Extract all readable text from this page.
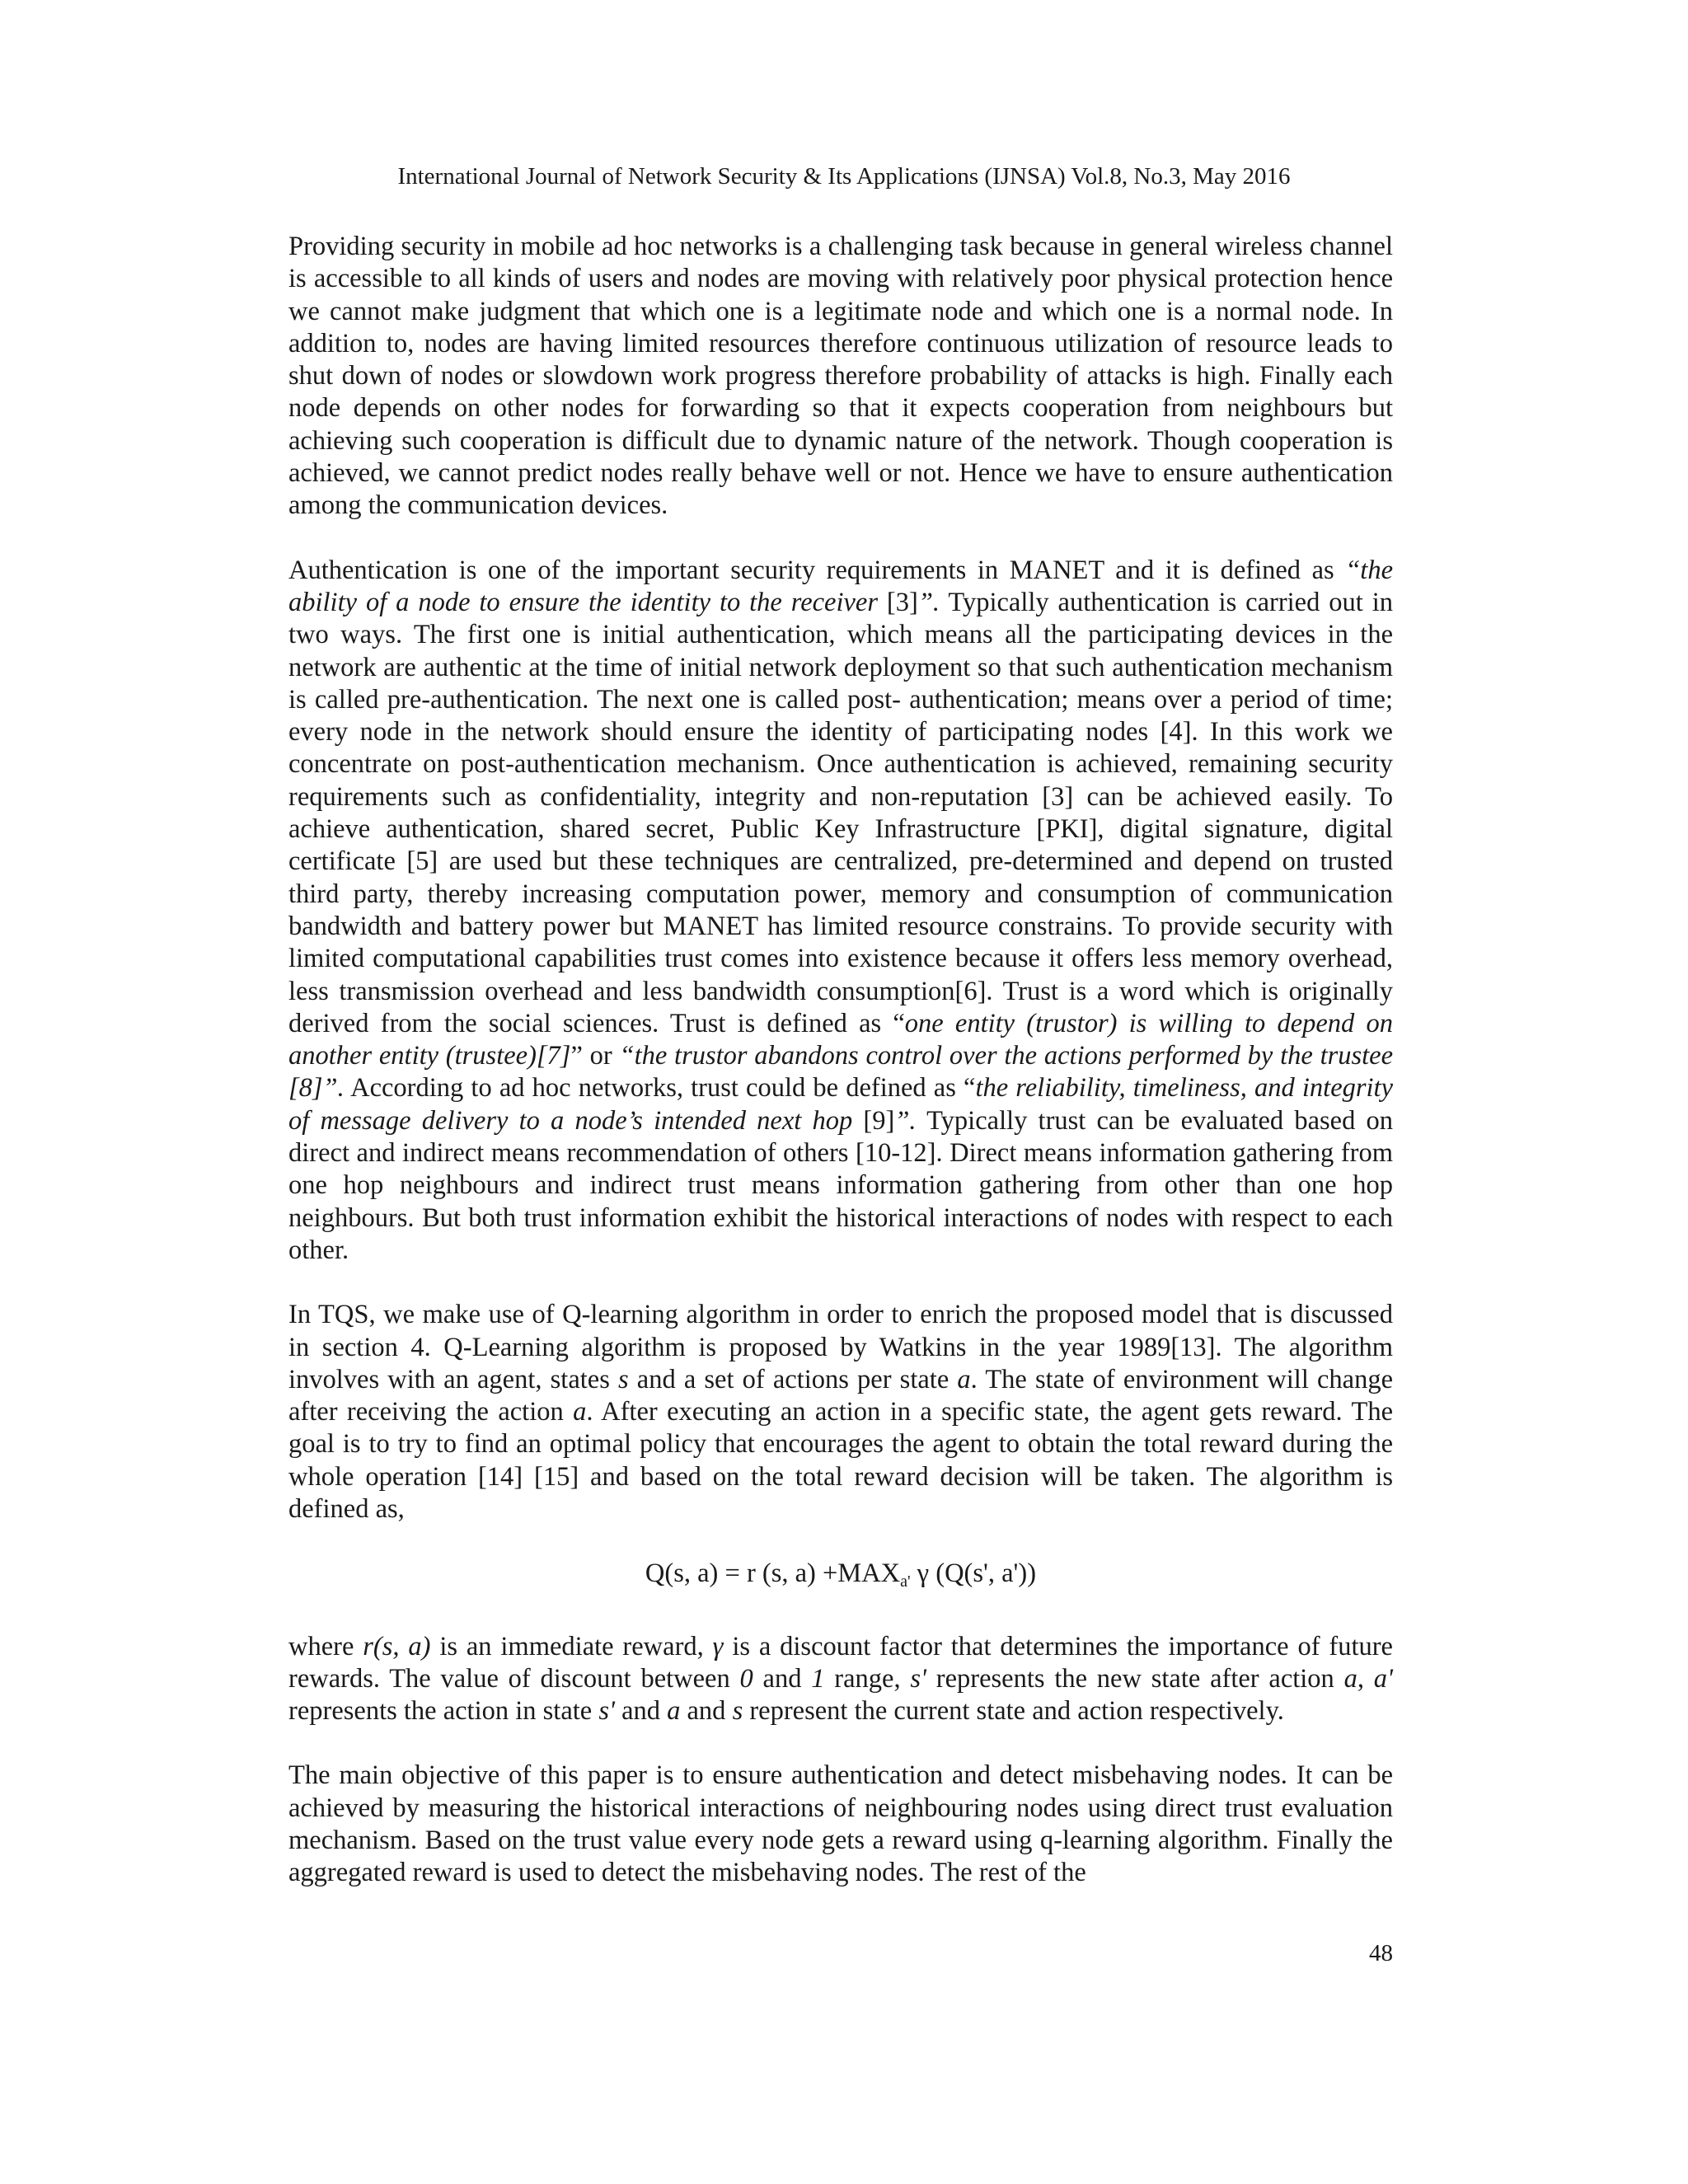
International Journal of Network Security & Its Applications (IJNSA) Vol.8, No.3, May 2016

Providing security in mobile ad hoc networks is a challenging task because in general wireless channel is accessible to all kinds of users and nodes are moving with relatively poor physical protection hence we cannot make judgment that which one is a legitimate node and which one is a normal node. In addition to, nodes are having limited resources therefore continuous utilization of resource leads to shut down of nodes or slowdown work progress therefore probability of attacks is high. Finally each node depends on other nodes for forwarding so that it expects cooperation from neighbours but achieving such cooperation is difficult due to dynamic nature of the network. Though cooperation is achieved, we cannot predict nodes really behave well or not. Hence we have to ensure authentication among the communication devices.

Authentication is one of the important security requirements in MANET and it is defined as “the ability of a node to ensure the identity to the receiver [3]”. Typically authentication is carried out in two ways. The first one is initial authentication, which means all the participating devices in the network are authentic at the time of initial network deployment so that such authentication mechanism is called pre-authentication. The next one is called post- authentication; means over a period of time; every node in the network should ensure the identity of participating nodes [4]. In this work we concentrate on post-authentication mechanism. Once authentication is achieved, remaining security requirements such as confidentiality, integrity and non-reputation [3] can be achieved easily. To achieve authentication, shared secret, Public Key Infrastructure [PKI], digital signature, digital certificate [5] are used but these techniques are centralized, pre-determined and depend on trusted third party, thereby increasing computation power, memory and consumption of communication bandwidth and battery power but MANET has limited resource constrains. To provide security with limited computational capabilities trust comes into existence because it offers less memory overhead, less transmission overhead and less bandwidth consumption[6]. Trust is a word which is originally derived from the social sciences. Trust is defined as “one entity (trustor) is willing to depend on another entity (trustee)[7]” or “the trustor abandons control over the actions performed by the trustee [8]”. According to ad hoc networks, trust could be defined as “the reliability, timeliness, and integrity of message delivery to a node’s intended next hop [9]”. Typically trust can be evaluated based on direct and indirect means recommendation of others [10-12]. Direct means information gathering from one hop neighbours and indirect trust means information gathering from other than one hop neighbours. But both trust information exhibit the historical interactions of nodes with respect to each other.

In TQS, we make use of Q-learning algorithm in order to enrich the proposed model that is discussed in section 4. Q-Learning algorithm is proposed by Watkins in the year 1989[13]. The algorithm involves with an agent, states s and a set of actions per state a. The state of environment will change after receiving the action a. After executing an action in a specific state, the agent gets reward. The goal is to try to find an optimal policy that encourages the agent to obtain the total reward during the whole operation [14] [15] and based on the total reward decision will be taken. The algorithm is defined as,

Q(s, a) = r (s, $a) +MAX_{a'}$ γ (Q(s', a'))

where r(s, a) is an immediate reward, γ is a discount factor that determines the importance of future rewards. The value of discount between 0 and 1 range, s' represents the new state after action a, a' represents the action in state s' and a and s represent the current state and action respectively.

The main objective of this paper is to ensure authentication and detect misbehaving nodes. It can be achieved by measuring the historical interactions of neighbouring nodes using direct trust evaluation mechanism. Based on the trust value every node gets a reward using q-learning algorithm. Finally the aggregated reward is used to detect the misbehaving nodes. The rest of the

48
